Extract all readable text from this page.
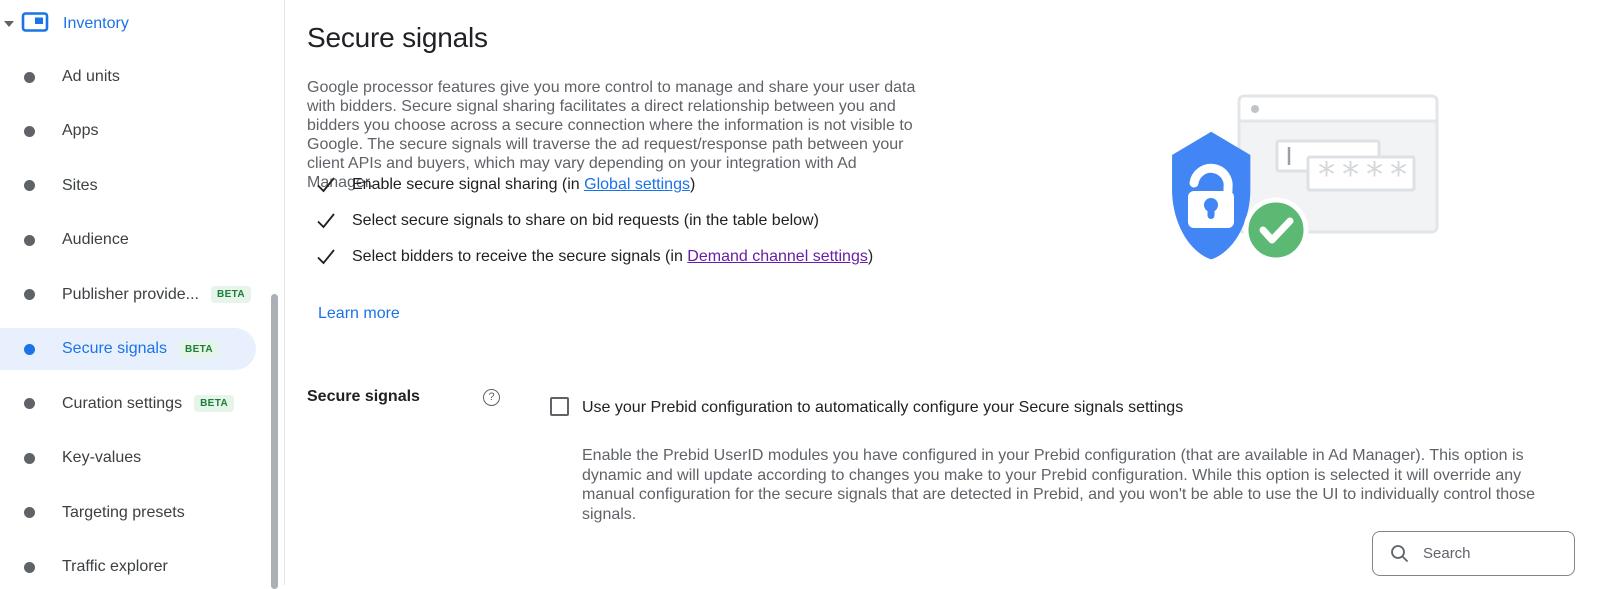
Inventory
Ad units
Apps
Sites
Audience
Publisher provide...	BETA
Secure signals	BETA
Curation settings	BETA
Key-values
Targeting presets
Traffic explorer
Secure signals

Google processor features give you more control to manage and share your user data with bidders. Secure signal sharing facilitates a direct relationship between you and bidders you choose across a secure connection where the information is not visible to Google. The secure signals will traverse the ad request/response path between your client APIs and buyers, which may vary depending on your integration with Ad Manager.

Enable secure signal sharing (in Global settings)
Select secure signals to share on bid requests (in the table below)
Select bidders to receive the secure signals (in Demand channel settings)
Learn more
Secure signals	?
Use your Prebid configuration to automatically configure your Secure signals settings

Enable the Prebid UserID modules you have configured in your Prebid configuration (that are available in Ad Manager). This option is dynamic and will update according to changes you make to your Prebid configuration. While this option is selected it will override any manual configuration for the secure signals that are detected in Prebid, and you won't be able to use the UI to individually control those signals.

Search
****
